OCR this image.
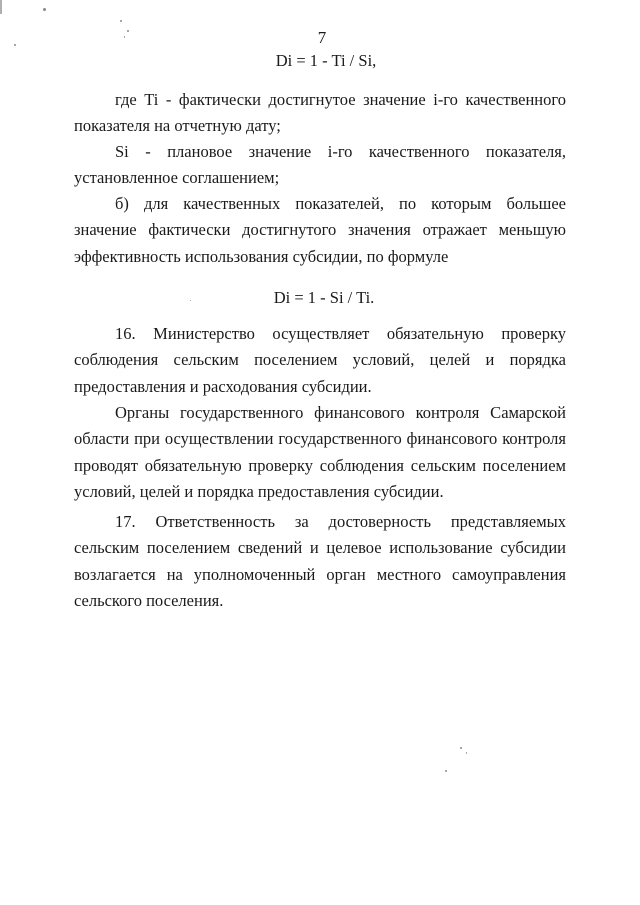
7
Di = 1 - Ti / Si,

где Ti - фактически достигнутое значение i-го качественного показателя на отчетную дату;

Si - плановое значение i-го качественного показателя, установленное соглашением;

б) для качественных показателей, по которым большее значение фактически достигнутого значения отражает меньшую эффективность использования субсидии, по формуле

Di = 1 - Si / Ti.

16. Министерство осуществляет обязательную проверку соблюдения сельским поселением условий, целей и порядка предоставления и расходования субсидии.

Органы государственного финансового контроля Самарской области при осуществлении государственного финансового контроля проводят обязательную проверку соблюдения сельским поселением условий, целей и порядка предоставления субсидии.

17. Ответственность за достоверность представляемых сельским поселением сведений и целевое использование субсидии возлагается на уполномоченный орган местного самоуправления сельского поселения.
